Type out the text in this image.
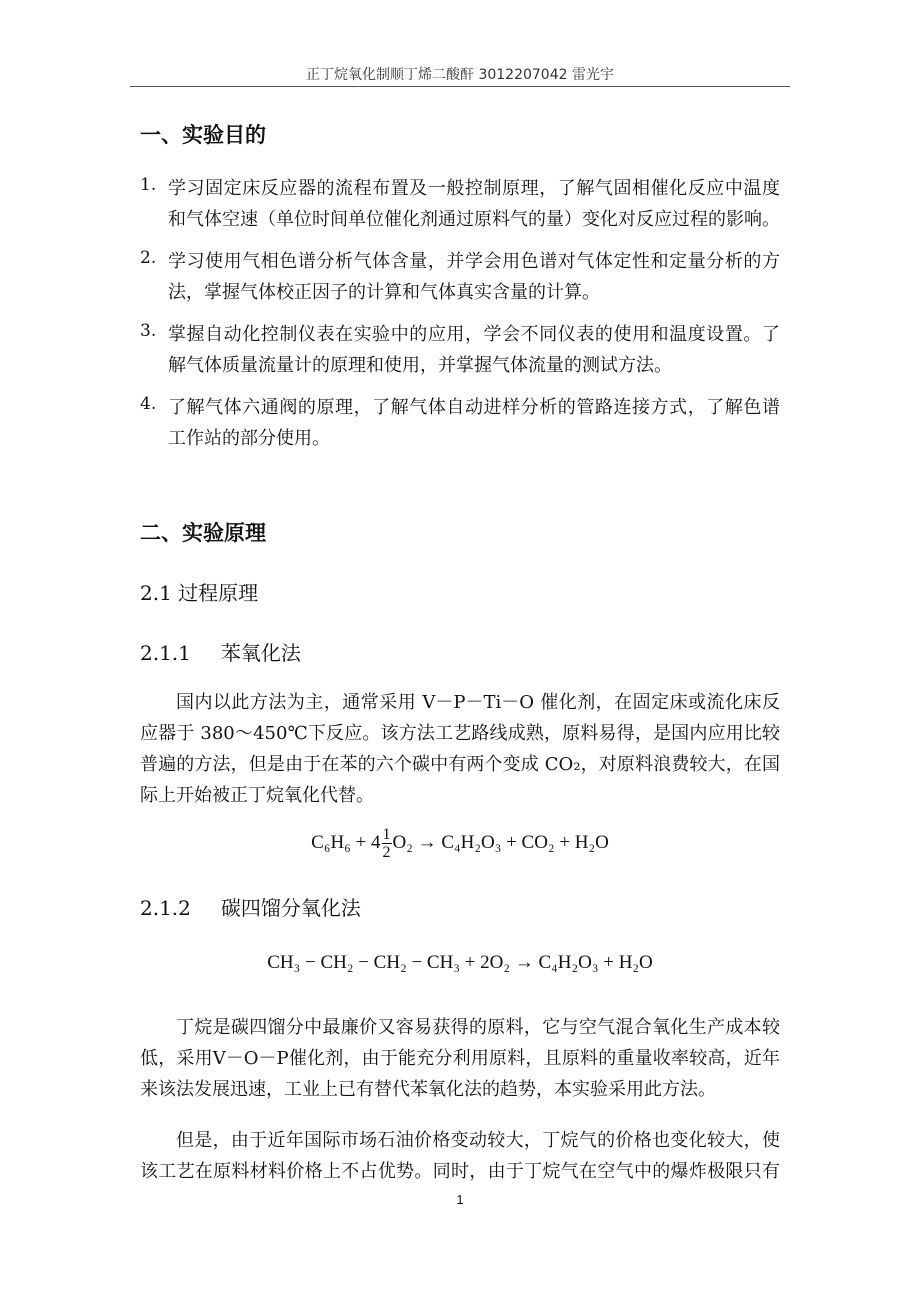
正丁烷氧化制顺丁烯二酸酐 3012207042 雷光宇
一、实验目的
1. 学习固定床反应器的流程布置及一般控制原理，了解气固相催化反应中温度
和气体空速（单位时间单位催化剂通过原料气的量）变化对反应过程的影响。
2. 学习使用气相色谱分析气体含量，并学会用色谱对气体定性和定量分析的方
法，掌握气体校正因子的计算和气体真实含量的计算。
3. 掌握自动化控制仪表在实验中的应用，学会不同仪表的使用和温度设置。了
解气体质量流量计的原理和使用，并掌握气体流量的测试方法。
4. 了解气体六通阀的原理，了解气体自动进样分析的管路连接方式，了解色谱
工作站的部分使用。
二、实验原理
2.1 过程原理
2.1.1 苯氧化法
国内以此方法为主，通常采用 V－P－Ti－O 催化剂，在固定床或流化床反
应器于 380～450℃下反应。该方法工艺路线成熟，原料易得，是国内应用比较
普遍的方法，但是由于在苯的六个碳中有两个变成 CO₂，对原料浪费较大，在国
际上开始被正丁烷氧化代替。
$C_6H_6 + 4 \frac{1}{2} O_2 \to C_4H_2O_3 + CO_2 + H_2O$
2.1.2 碳四馏分氧化法
CH₃ − CH₂ − CH₂ − CH₃ + 2O₂ → C₄H₂O₃ + H₂O
丁烷是碳四馏分中最廉价又容易获得的原料，它与空气混合氧化生产成本较
低，采用V－O－P催化剂，由于能充分利用原料，且原料的重量收率较高，近年
来该法发展迅速，工业上已有替代苯氧化法的趋势，本实验采用此方法。
但是，由于近年国际市场石油价格变动较大，丁烷气的价格也变化较大，使
该工艺在原料材料价格上不占优势。同时，由于丁烷气在空气中的爆炸极限只有
1
